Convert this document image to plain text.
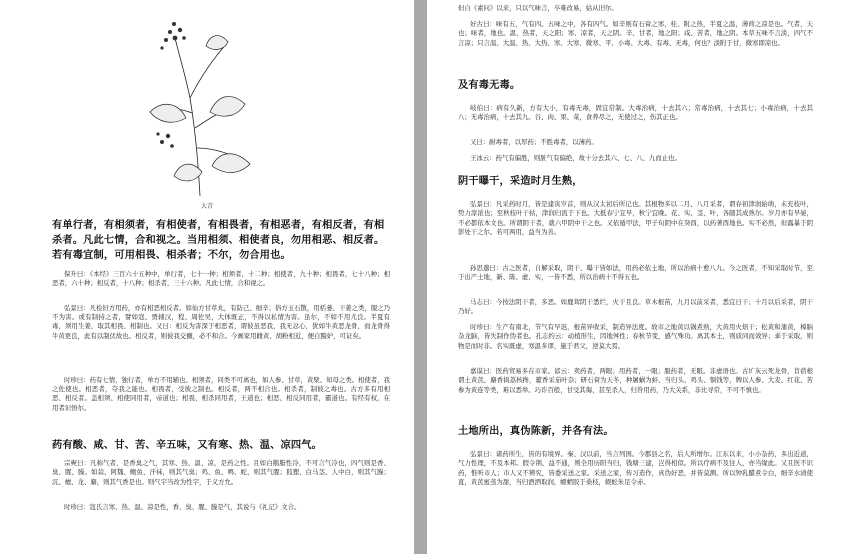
大青
有单行者，有相须者，有相使者，有相畏者，有相恶者，有相反者，有相杀者。凡此七情，合和视之。当用相须、相使者良，勿用相恶、相反者。若有毒宜制，可用相畏、相杀者；不尔，勿合用也。
保升曰：《本经》三百六十五种中，单行者，七十一种；相须者，十二种；相使者，九十种；相畏者，七十八种；相恶者，六十种；相反者，十八种；相杀者，三十六种。凡此七情，合和视之。
弘景曰：凡检旧方用药，亦有相恶相反者。如仙方甘草丸，有防己、细辛；俗方玉石散，用栝蒌、干姜之类，服之乃不为害。或有制持之者，譬如寇、贾辅汉，程、周佐吴，大体既正，不得以私情为害。虽尔，不如不用尤良。半夏有毒，须用生姜，取其相畏、相制也。又曰：相反为害深于相恶者，谓彼虽恶我，我无忿心，犹如牛黄恶龙骨，而龙骨得牛黄更良，此有以制伏故也。相反者，则彼我交雠，必不和合。今画家用雌黄、胡粉相近，便自黯妒，可证矣。
时珍曰：药有七情，独行者，单方不用辅也。相须者，同类不可离也，如人参、甘草，黄檗、知母之类。相使者，我之佐使也。相恶者，夺我之能也。相畏者，受彼之制也。相反者，两不相合也。相杀者，制彼之毒也。古方多有用相恶、相反者。盖相须、相使同用者，帝道也；相畏、相杀同用者，王道也；相恶、相反同用者，霸道也。有经有权，在用者识悟尔。
药有酸、咸、甘、苦、辛五味，又有寒、热、温、凉四气。
宗奭曰：凡称气者，是香臭之气，其寒、热、温、凉，是药之性。且如白鹅脂性冷，不可言气冷也，四气则是香、臭、腥、臊。如蒜、阿魏、鲍鱼、汗袜，则其气臭；鸡、鱼、鸭、蛇，则其气腥；狐狸、白马茎、人中白，则其气臊；沉、檀、龙、麝，则其气香是也。则气字当改为性字，于义方允。
时珍曰：寇氏言寒、热、温、凉是性，香、臭、腥、臊是气，其说与《礼记》文合。
但自《素问》以来，只以气味言，卒难改易，姑从旧尔。
好古曰：味有五，气有四。五味之中，各有四气。如辛则有石膏之寒，桂、附之热，半夏之温，薄荷之凉是也。气者，天也；味者，地也。温、热者，天之阳；寒、凉者，天之阴。辛、甘者，地之阳；咸、苦者，地之阴。本草五味不言淡，四气不言凉；只言温、大温、热、大热、寒、大寒、微寒、平、小毒、大毒、有毒、无毒，何也？淡附于甘，微寒即凉也。
及有毒无毒。
岐伯曰：病有久新，方有大小，有毒无毒，固宜常制。大毒治病，十去其六；常毒治病，十去其七；小毒治病，十去其八；无毒治病，十去其九。谷、肉、果、菜，食养尽之，无使过之，伤其正也。
又曰：耐毒者，以厚药；不胜毒者，以薄药。
王冰云：药气有偏胜，则脏气有偏绝，故十分去其六、七、八、九而止也。
阴干曝干，采造时月生熟，
弘景曰：凡采药时月，皆是建寅岁首，则从汉太初后所记也。其根物多以二月、八月采者，谓春初津润始萌，未充枝叶，势力淳浓也；至秋枝叶干枯，津润归流于下也。大抵春宁宜早，秋宁宜晚。花、实、茎、叶，各随其成熟尔。岁月亦有早晏，不必都依本文也。所谓阴干者，就六甲阴中干之也。又依遁甲法，甲子旬阴中在癸酉，以药著酉地也。实不必然，但露暴于阴影处干之尔。若可两用，益当为善。
孙思邈曰：古之医者，自解采取，阴干、曝干皆如法，用药必依土地，所以治病十愈八九。今之医者，不知采取时节，至于出产土地，新、陈、虚、实，一皆不悉，所以治病十不得五也。
马志曰：今按法阴干者，多恶。如鹿茸阴干悉烂，火干且良。草木根苗，九月以前采者，悉宜日干；十月以后采者，阴干乃好。
时珍曰：生产有南北，节气有早迟，根苗异收采，制造异法度。故市之地黄以锅煮熟，大黄用火焙干；松黄和蒲黄，樟脑杂龙脑，皆失制作伪者也。孔志约云：动植形生，因地舛性；春秋节变，感气殊功。离其本土，则质同而效异；乖于采取，则物是而时非。名实既虚，寒温多谬，施于君父，逆莫大焉。
嘉谟曰：医药贸易多在市家。谚云：卖药者，两眼；用药者，一眼；服药者，无眼。非虚语也。古圹灰云死龙骨，苜蓿根谓土黄芪，麝香捣荔核搀，藿香采茄叶杂；研石膏为天冬，种屠蜗为蚌、当归头、鸡头、铜钱等，牌以人参、大麦、红花、苦参为黄连等类，难以悉举。巧诈百般，甘受其侮，甚至杀人，归咎用药，乃大关系，非比寻常，不可不慎也。
土地所出，真伪陈新，并各有法。
弘景曰：诸药所生，皆的有境界。秦、汉以前，当言列国。今郡县之名，后人所增尔。江东以来，小小杂药，多出近道，气力性理，不及本邦。假令荆、益不通，则全用历阳当归，钱塘三建，岂得相似。所以疗病不及往人，亦当缘此。又且医不识药，惟听市人；市人又不辨究，皆委采送之家。采送之家，传习造作，真伪好恶，并皆莫测。所以钟乳醋煮令白，细辛水渍使直，黄芪蜜蒸为甜，当归酒洒取润，螵蛸胶于桑枝，蜈蚣朱足令赤。
